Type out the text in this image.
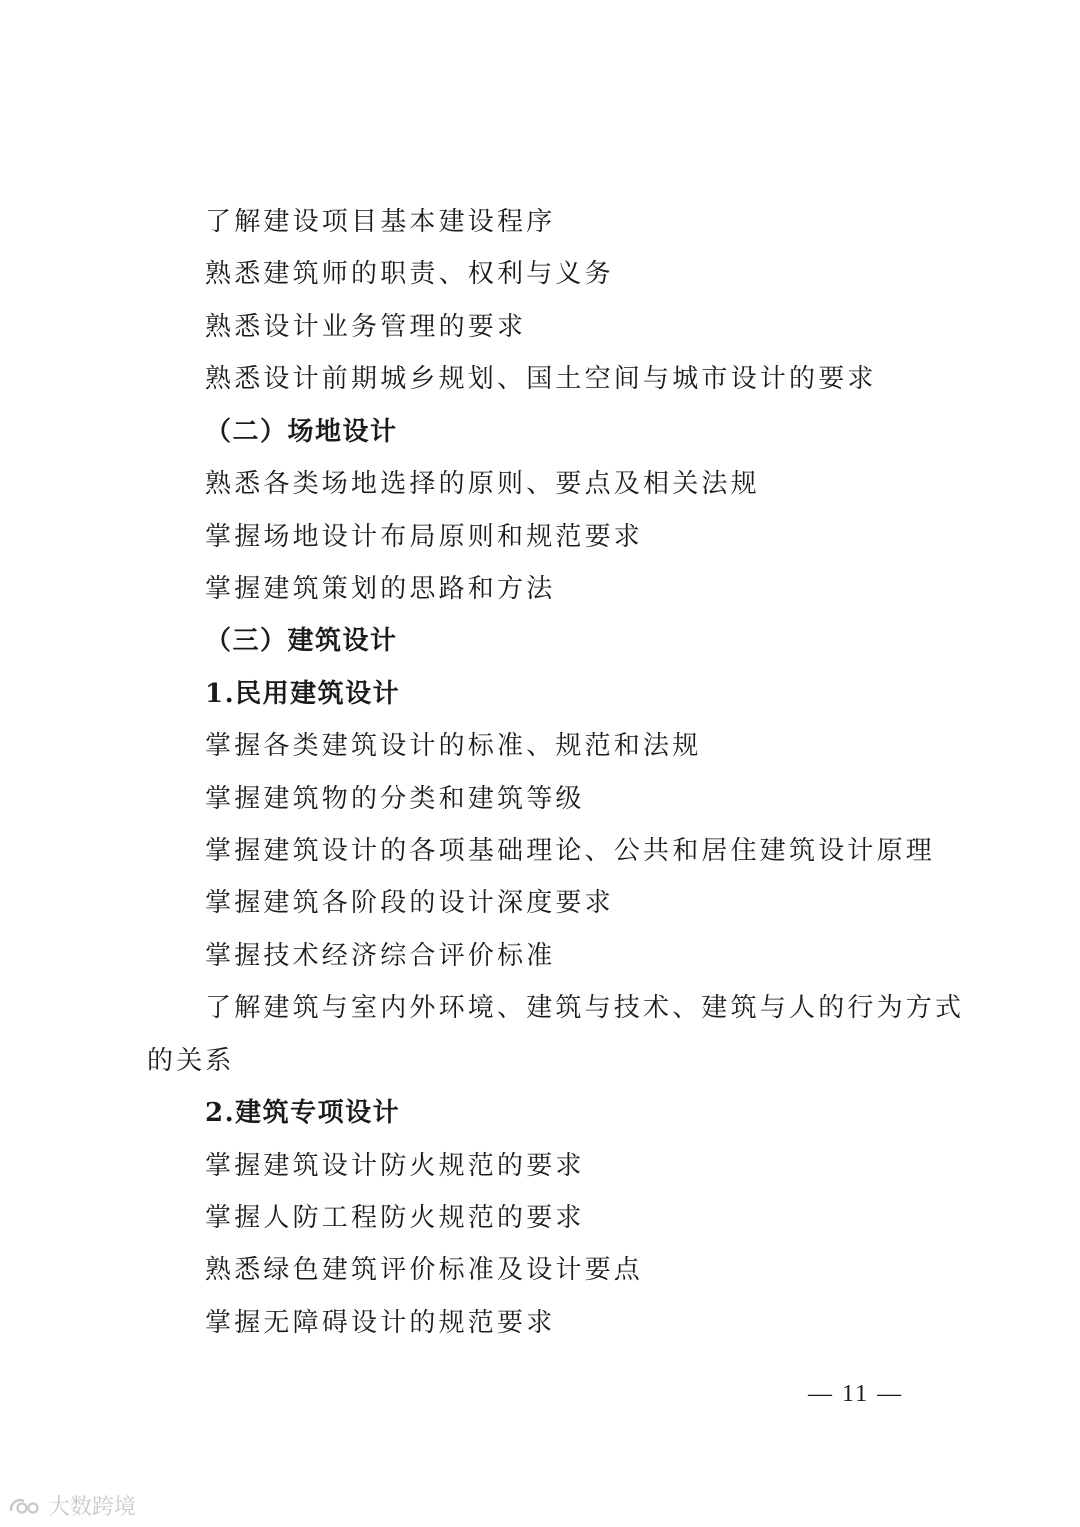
了解建设项目基本建设程序
熟悉建筑师的职责、权利与义务
熟悉设计业务管理的要求
熟悉设计前期城乡规划、国土空间与城市设计的要求
（二）场地设计
熟悉各类场地选择的原则、要点及相关法规
掌握场地设计布局原则和规范要求
掌握建筑策划的思路和方法
（三）建筑设计
1.民用建筑设计
掌握各类建筑设计的标准、规范和法规
掌握建筑物的分类和建筑等级
掌握建筑设计的各项基础理论、公共和居住建筑设计原理
掌握建筑各阶段的设计深度要求
掌握技术经济综合评价标准
了解建筑与室内外环境、建筑与技术、建筑与人的行为方式
的关系
2.建筑专项设计
掌握建筑设计防火规范的要求
掌握人防工程防火规范的要求
熟悉绿色建筑评价标准及设计要点
掌握无障碍设计的规范要求
— 11 —
大数跨境
